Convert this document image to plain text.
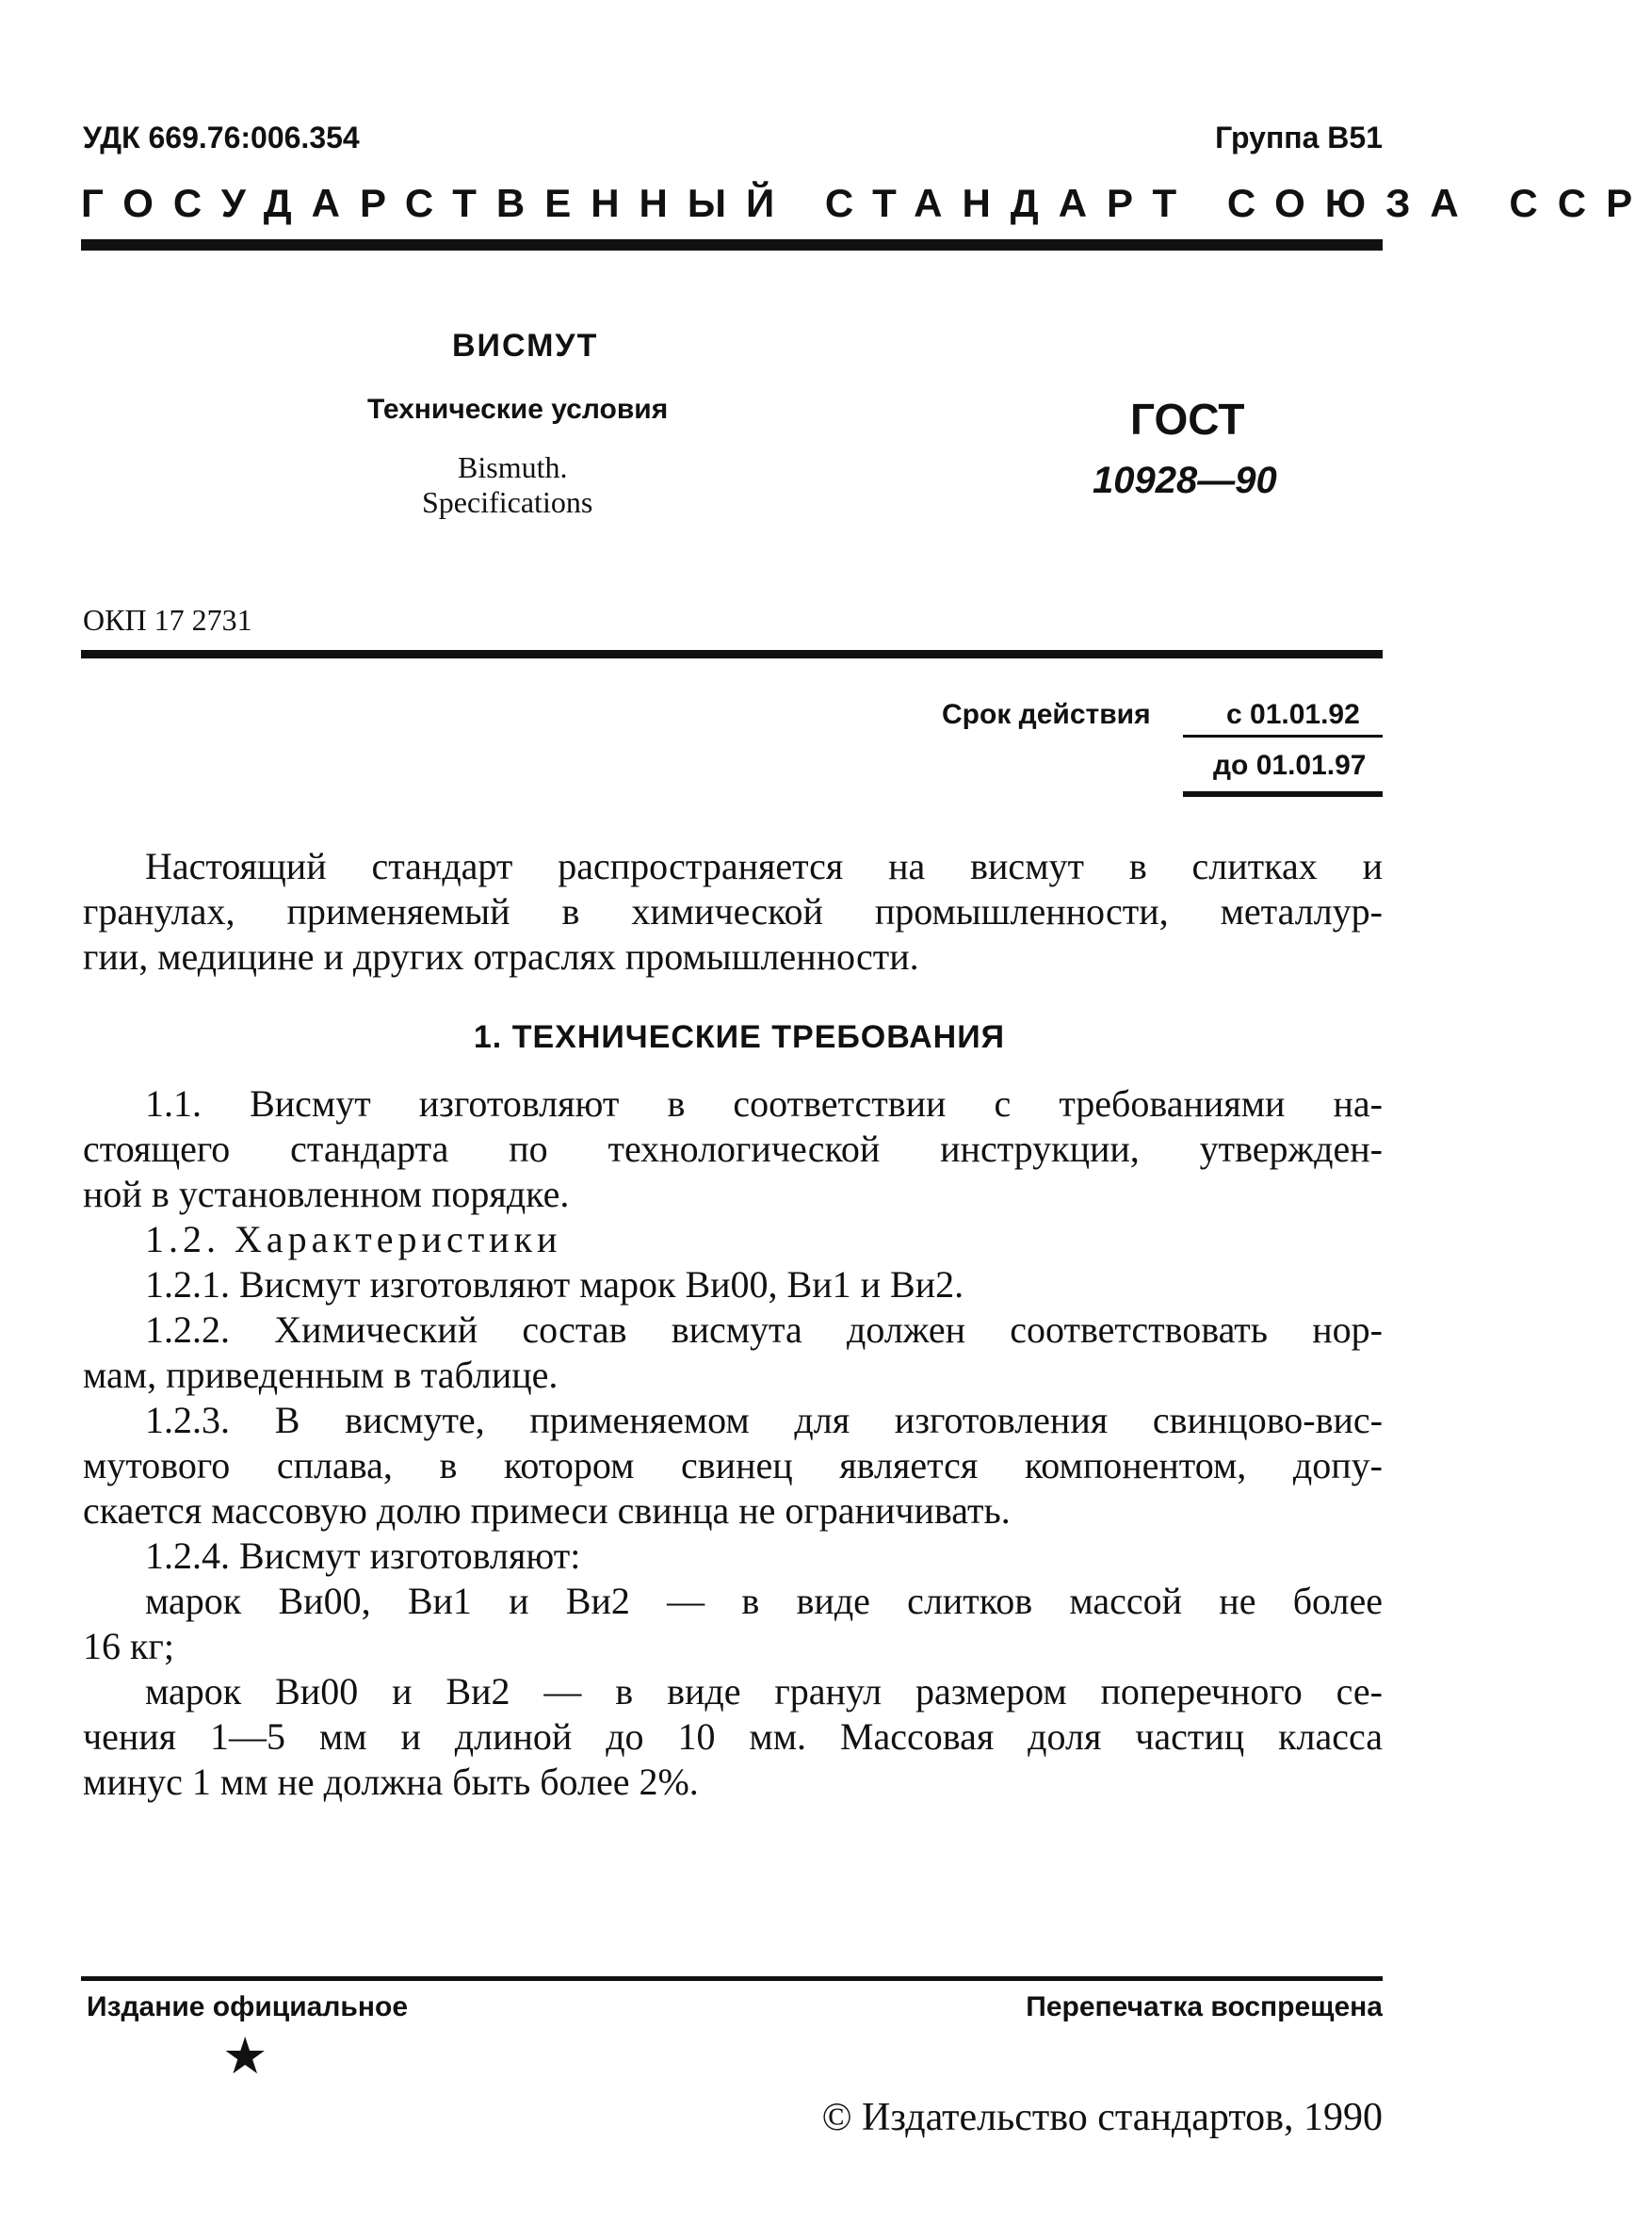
УДК 669.76:006.354	Группа В51
ГОСУДАРСТВЕННЫЙ СТАНДАРТ СОЮЗА ССР
ВИСМУТ
Технические условия
Bismuth.
Specifications
ГОСТ
10928—90
ОКП 17 2731
Срок действия	с 01.01.92
до 01.01.97
Настоящий стандарт распространяется на висмут в слитках и
гранулах, применяемый в химической промышленности, металлур-
гии, медицине и других отраслях промышленности.
1. ТЕХНИЧЕСКИЕ ТРЕБОВАНИЯ
1.1. Висмут изготовляют в соответствии с требованиями на-
стоящего стандарта по технологической инструкции, утвержден-
ной в установленном порядке.
1.2. Характеристики
1.2.1. Висмут изготовляют марок Ви00, Ви1 и Ви2.
1.2.2. Химический состав висмута должен соответствовать нор-
мам, приведенным в таблице.
1.2.3. В висмуте, применяемом для изготовления свинцово-вис-
мутового сплава, в котором свинец является компонентом, допу-
скается массовую долю примеси свинца не ограничивать.
1.2.4. Висмут изготовляют:
марок Ви00, Ви1 и Ви2 — в виде слитков массой не более
16 кг;
марок Ви00 и Ви2 — в виде гранул размером поперечного се-
чения 1—5 мм и длиной до 10 мм. Массовая доля частиц класса
минус 1 мм не должна быть более 2%.
Издание официальное	Перепечатка воспрещена
★
© Издательство стандартов, 1990
